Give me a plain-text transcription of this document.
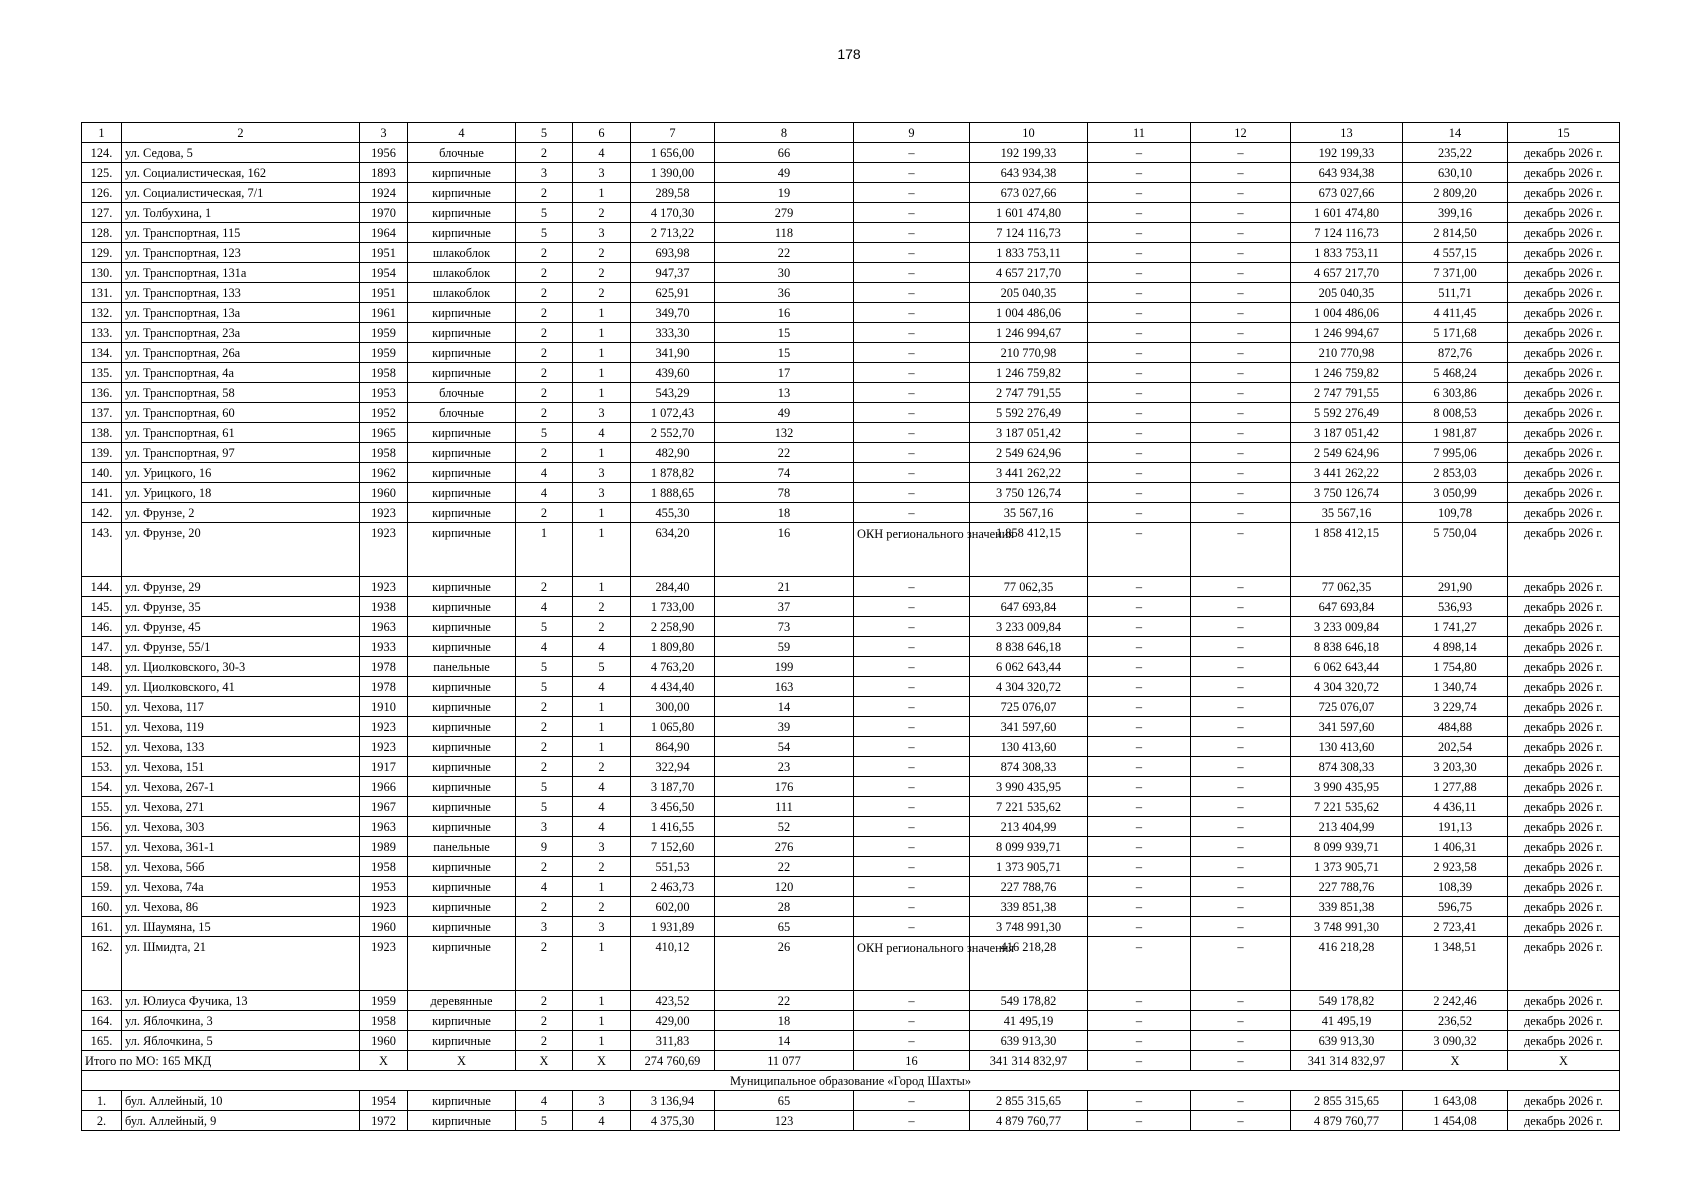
178
1	2	3	4	5	6	7	8	9	10	11	12	13	14	15
124.	ул. Седова, 5	1956	блочные	2	4	1 656,00	66	–	192 199,33	–	–	192 199,33	235,22	декабрь 2026 г.
125.	ул. Социалистическая, 162	1893	кирпичные	3	3	1 390,00	49	–	643 934,38	–	–	643 934,38	630,10	декабрь 2026 г.
126.	ул. Социалистическая, 7/1	1924	кирпичные	2	1	289,58	19	–	673 027,66	–	–	673 027,66	2 809,20	декабрь 2026 г.
127.	ул. Толбухина, 1	1970	кирпичные	5	2	4 170,30	279	–	1 601 474,80	–	–	1 601 474,80	399,16	декабрь 2026 г.
128.	ул. Транспортная, 115	1964	кирпичные	5	3	2 713,22	118	–	7 124 116,73	–	–	7 124 116,73	2 814,50	декабрь 2026 г.
129.	ул. Транспортная, 123	1951	шлакоблок	2	2	693,98	22	–	1 833 753,11	–	–	1 833 753,11	4 557,15	декабрь 2026 г.
130.	ул. Транспортная, 131а	1954	шлакоблок	2	2	947,37	30	–	4 657 217,70	–	–	4 657 217,70	7 371,00	декабрь 2026 г.
131.	ул. Транспортная, 133	1951	шлакоблок	2	2	625,91	36	–	205 040,35	–	–	205 040,35	511,71	декабрь 2026 г.
132.	ул. Транспортная, 13а	1961	кирпичные	2	1	349,70	16	–	1 004 486,06	–	–	1 004 486,06	4 411,45	декабрь 2026 г.
133.	ул. Транспортная, 23а	1959	кирпичные	2	1	333,30	15	–	1 246 994,67	–	–	1 246 994,67	5 171,68	декабрь 2026 г.
134.	ул. Транспортная, 26а	1959	кирпичные	2	1	341,90	15	–	210 770,98	–	–	210 770,98	872,76	декабрь 2026 г.
135.	ул. Транспортная, 4а	1958	кирпичные	2	1	439,60	17	–	1 246 759,82	–	–	1 246 759,82	5 468,24	декабрь 2026 г.
136.	ул. Транспортная, 58	1953	блочные	2	1	543,29	13	–	2 747 791,55	–	–	2 747 791,55	6 303,86	декабрь 2026 г.
137.	ул. Транспортная, 60	1952	блочные	2	3	1 072,43	49	–	5 592 276,49	–	–	5 592 276,49	8 008,53	декабрь 2026 г.
138.	ул. Транспортная, 61	1965	кирпичные	5	4	2 552,70	132	–	3 187 051,42	–	–	3 187 051,42	1 981,87	декабрь 2026 г.
139.	ул. Транспортная, 97	1958	кирпичные	2	1	482,90	22	–	2 549 624,96	–	–	2 549 624,96	7 995,06	декабрь 2026 г.
140.	ул. Урицкого, 16	1962	кирпичные	4	3	1 878,82	74	–	3 441 262,22	–	–	3 441 262,22	2 853,03	декабрь 2026 г.
141.	ул. Урицкого, 18	1960	кирпичные	4	3	1 888,65	78	–	3 750 126,74	–	–	3 750 126,74	3 050,99	декабрь 2026 г.
142.	ул. Фрунзе, 2	1923	кирпичные	2	1	455,30	18	–	35 567,16	–	–	35 567,16	109,78	декабрь 2026 г.
143.	ул. Фрунзе, 20	1923	кирпичные	1	1	634,20	16	ОКН регионального значения	1 858 412,15	–	–	1 858 412,15	5 750,04	декабрь 2026 г.
144.	ул. Фрунзе, 29	1923	кирпичные	2	1	284,40	21	–	77 062,35	–	–	77 062,35	291,90	декабрь 2026 г.
145.	ул. Фрунзе, 35	1938	кирпичные	4	2	1 733,00	37	–	647 693,84	–	–	647 693,84	536,93	декабрь 2026 г.
146.	ул. Фрунзе, 45	1963	кирпичные	5	2	2 258,90	73	–	3 233 009,84	–	–	3 233 009,84	1 741,27	декабрь 2026 г.
147.	ул. Фрунзе, 55/1	1933	кирпичные	4	4	1 809,80	59	–	8 838 646,18	–	–	8 838 646,18	4 898,14	декабрь 2026 г.
148.	ул. Циолковского, 30-3	1978	панельные	5	5	4 763,20	199	–	6 062 643,44	–	–	6 062 643,44	1 754,80	декабрь 2026 г.
149.	ул. Циолковского, 41	1978	кирпичные	5	4	4 434,40	163	–	4 304 320,72	–	–	4 304 320,72	1 340,74	декабрь 2026 г.
150.	ул. Чехова, 117	1910	кирпичные	2	1	300,00	14	–	725 076,07	–	–	725 076,07	3 229,74	декабрь 2026 г.
151.	ул. Чехова, 119	1923	кирпичные	2	1	1 065,80	39	–	341 597,60	–	–	341 597,60	484,88	декабрь 2026 г.
152.	ул. Чехова, 133	1923	кирпичные	2	1	864,90	54	–	130 413,60	–	–	130 413,60	202,54	декабрь 2026 г.
153.	ул. Чехова, 151	1917	кирпичные	2	2	322,94	23	–	874 308,33	–	–	874 308,33	3 203,30	декабрь 2026 г.
154.	ул. Чехова, 267-1	1966	кирпичные	5	4	3 187,70	176	–	3 990 435,95	–	–	3 990 435,95	1 277,88	декабрь 2026 г.
155.	ул. Чехова, 271	1967	кирпичные	5	4	3 456,50	111	–	7 221 535,62	–	–	7 221 535,62	4 436,11	декабрь 2026 г.
156.	ул. Чехова, 303	1963	кирпичные	3	4	1 416,55	52	–	213 404,99	–	–	213 404,99	191,13	декабрь 2026 г.
157.	ул. Чехова, 361-1	1989	панельные	9	3	7 152,60	276	–	8 099 939,71	–	–	8 099 939,71	1 406,31	декабрь 2026 г.
158.	ул. Чехова, 56б	1958	кирпичные	2	2	551,53	22	–	1 373 905,71	–	–	1 373 905,71	2 923,58	декабрь 2026 г.
159.	ул. Чехова, 74а	1953	кирпичные	4	1	2 463,73	120	–	227 788,76	–	–	227 788,76	108,39	декабрь 2026 г.
160.	ул. Чехова, 86	1923	кирпичные	2	2	602,00	28	–	339 851,38	–	–	339 851,38	596,75	декабрь 2026 г.
161.	ул. Шаумяна, 15	1960	кирпичные	3	3	1 931,89	65	–	3 748 991,30	–	–	3 748 991,30	2 723,41	декабрь 2026 г.
162.	ул. Шмидта, 21	1923	кирпичные	2	1	410,12	26	ОКН регионального значения	416 218,28	–	–	416 218,28	1 348,51	декабрь 2026 г.
163.	ул. Юлиуса Фучика, 13	1959	деревянные	2	1	423,52	22	–	549 178,82	–	–	549 178,82	2 242,46	декабрь 2026 г.
164.	ул. Яблочкина, 3	1958	кирпичные	2	1	429,00	18	–	41 495,19	–	–	41 495,19	236,52	декабрь 2026 г.
165.	ул. Яблочкина, 5	1960	кирпичные	2	1	311,83	14	–	639 913,30	–	–	639 913,30	3 090,32	декабрь 2026 г.
Итого по МО: 165 МКД		X	X	X	X	274 760,69	11 077	16	341 314 832,97	–	–	341 314 832,97	X	X
Муниципальное образование «Город Шахты»														
1.	бул. Аллейный, 10	1954	кирпичные	4	3	3 136,94	65	–	2 855 315,65	–	–	2 855 315,65	1 643,08	декабрь 2026 г.
2.	бул. Аллейный, 9	1972	кирпичные	5	4	4 375,30	123	–	4 879 760,77	–	–	4 879 760,77	1 454,08	декабрь 2026 г.
